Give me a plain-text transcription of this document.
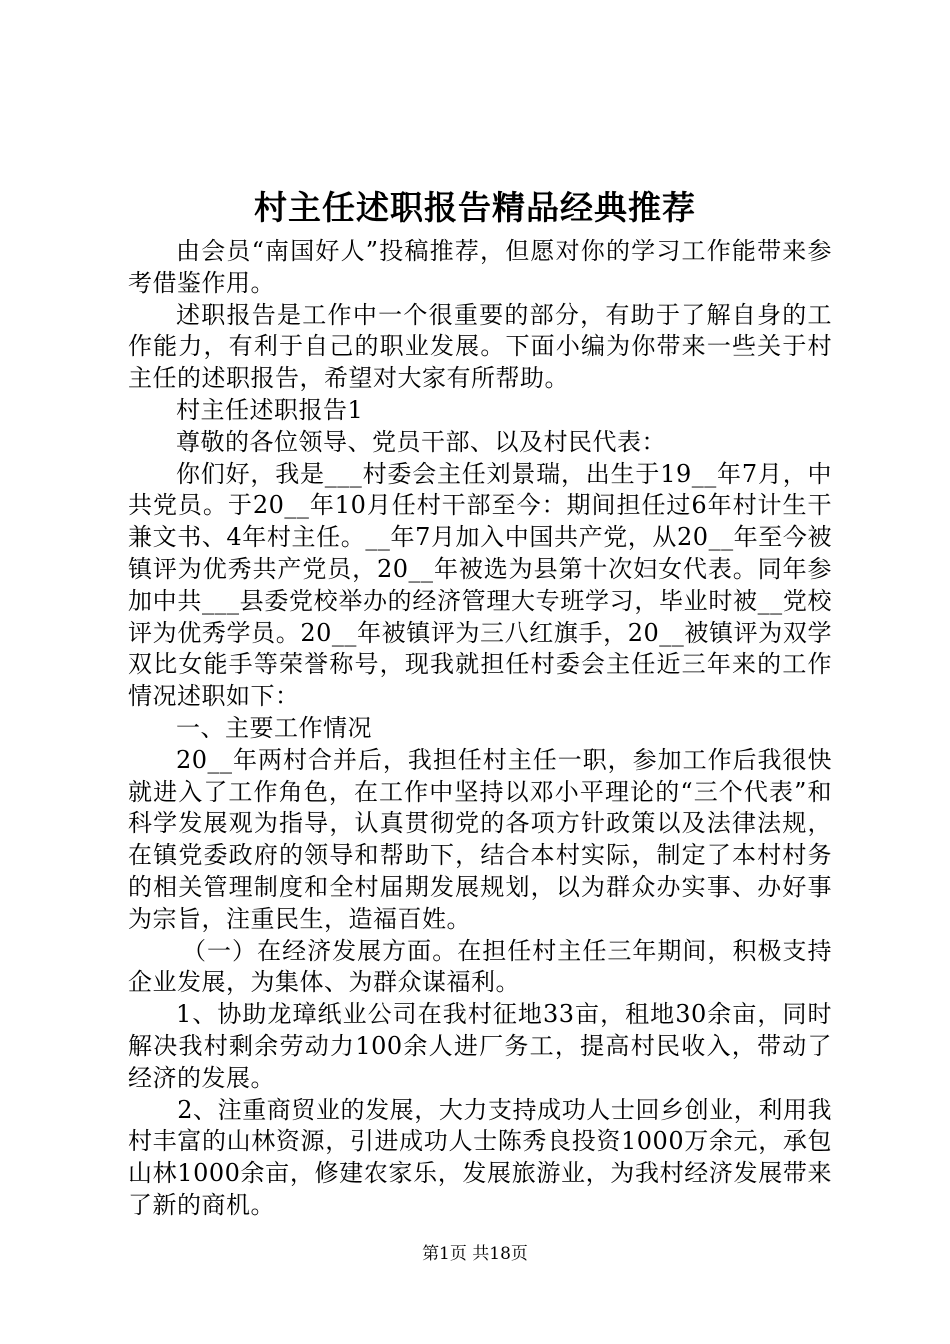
村主任述职报告精品经典推荐

由会员“南国好人”投稿推荐，但愿对你的学习工作能带来参考借鉴作用。

述职报告是工作中一个很重要的部分，有助于了解自身的工作能力，有利于自己的职业发展。下面小编为你带来一些关于村主任的述职报告，希望对大家有所帮助。

村主任述职报告1

尊敬的各位领导、党员干部、以及村民代表：

你们好，我是___村委会主任刘景瑞，出生于19__年7月，中共党员。于20__年10月任村干部至今：期间担任过6年村计生干兼文书、4年村主任。__年7月加入中国共产党，从20__年至今被镇评为优秀共产党员，20__年被选为县第十次妇女代表。同年参加中共___县委党校举办的经济管理大专班学习，毕业时被__党校评为优秀学员。20__年被镇评为三八红旗手，20__被镇评为双学双比女能手等荣誉称号，现我就担任村委会主任近三年来的工作情况述职如下：

一、主要工作情况

20__年两村合并后，我担任村主任一职，参加工作后我很快就进入了工作角色，在工作中坚持以邓小平理论的“三个代表”和科学发展观为指导，认真贯彻党的各项方针政策以及法律法规，在镇党委政府的领导和帮助下，结合本村实际，制定了本村村务的相关管理制度和全村届期发展规划，以为群众办实事、办好事为宗旨，注重民生，造福百姓。

（一）在经济发展方面。在担任村主任三年期间，积极支持企业发展，为集体、为群众谋福利。

1、协助龙璋纸业公司在我村征地33亩，租地30余亩，同时解决我村剩余劳动力100余人进厂务工，提高村民收入，带动了经济的发展。

2、注重商贸业的发展，大力支持成功人士回乡创业，利用我村丰富的山林资源，引进成功人士陈秀良投资1000万余元，承包山林1000余亩，修建农家乐，发展旅游业，为我村经济发展带来了新的商机。

第1页 共18页
